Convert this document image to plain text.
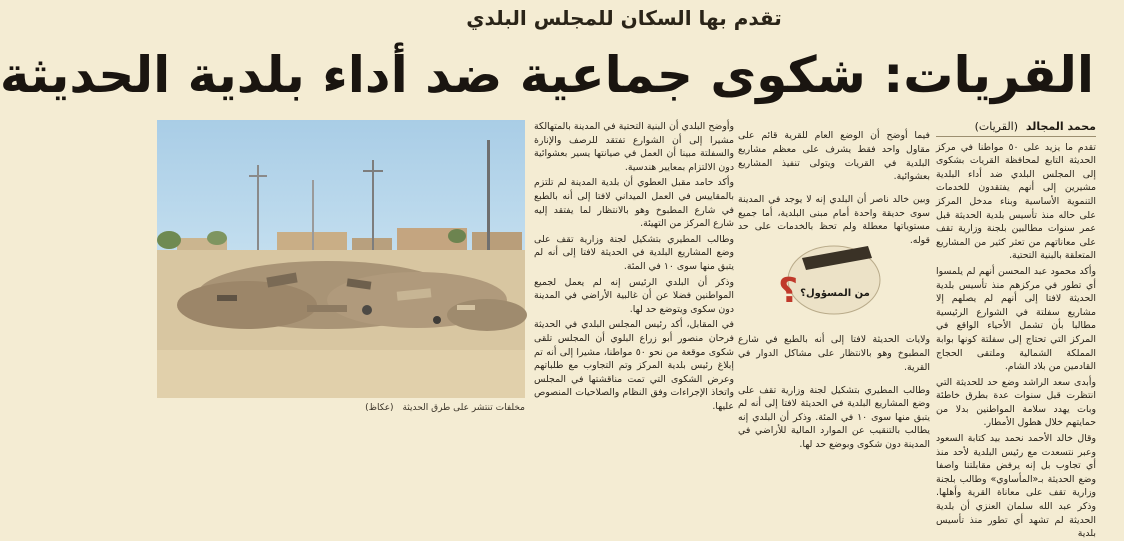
تقدم بها السكان للمجلس البلدي
القريات: شكوى جماعية ضد أداء بلدية الحديثة
مخلفات تنتشر على طرق الحديثة (عكاظ)
محمد المجالد (القريات)

تقدم ما يزيد على ٥٠ مواطنا في مركز الحديثة التابع لمحافظة القريات بشكوى إلى المجلس البلدي ضد أداء البلدية مشيرين إلى أنهم يفتقدون للخدمات التنموية الأساسية وبناء مدخل المركز على حاله منذ تأسيس بلدية الحديثة قبل عمر سنوات مطالبين بلجنة وزارية تقف على معاناتهم من تعثر كثير من المشاريع المتعلقة بالبنية التحتية.

وأكد محمود عبد المحسن أنهم لم يلمسوا أي تطور في مركزهم منذ تأسيس بلدية الحديثة لافتا إلى أنهم لم يصلهم إلا مشاريع سفلتة في الشوارع الرئيسية مطالبا بأن تشمل الأحياء الواقع في المركز التي تحتاج إلى سفلتة كونها بوابة المملكة الشمالية وملتقى الحجاج القادمين من بلاد الشام.

وأبدى سعد الراشد وضع حد للحديثة التي انتظرت قبل سنوات عدة بطرق خاطئة وبات يهدد سلامة المواطنين بدلا من حمايتهم خلال هطول الأمطار.

وقال خالد الأحمد نحمد بيد كتابة السعود وعبر نتسعدت مع رئيس البلدية لأحد منذ أي تجاوب بل إنه يرفض مقابلتنا واصفا وضع الحديثة بـ«المأساوي» وطالب بلجنة وزارية تقف على معاناة القرية وأهلها. وذكر عبد الله سلمان العنزي أن بلدية الحديثة لم تشهد أي تطور منذ تأسيس بلدية

فيما أوضح أن الوضع العام للقرية قائم على مقاول واحد فقط يشرف على معظم مشاريع البلدية في القريات ويتولى تنفيذ المشاريع بعشوائية.

وبين خالد ناصر أن البلدي إنه لا يوجد في المدينة سوى حديقة واحدة أمام مبنى البلدية، أما جميع مستوياتها معطلة ولم تحظ بالخدمات على حد قوله.

؟ من المسؤول؟

ولايات الحديثة لافتا إلى أنه بالطبع في شارع المطبوخ وهو بالانتظار على مشاكل الدوار في القرية.

وطالب المطيري بتشكيل لجنة وزارية تقف على وضع المشاريع البلدية في الحديثة لافتا إلى أنه لم يتبق منها سوى ١٠ في المئة. وذكر أن البلدي إنه يطالب بالتنقيب عن الموارد المالية للأراضي في المدينة دون شكوى وبوضع حد لها.

وأوضح البلدي أن البنية التحتية في المدينة بالمتهالكة مشيرا إلى أن الشوارع تفتقد للرصف والإنارة والسفلتة مبينا أن العمل في صيانتها يسير بعشوائية دون الالتزام بمعايير هندسية.

وأكد حامد مقبل العطوي أن بلدية المدينة لم تلتزم بالمقاييس في العمل الميداني لافتا إلى أنه بالطبع في شارع المطبوخ وهو بالانتظار لما يفتقد إليه شارع المركز من التهيئة.

وطالب المطيري بتشكيل لجنة وزارية تقف على وضع المشاريع البلدية في الحديثة لافتا إلى أنه لم يتبق منها سوى ١٠ في المئة.

وذكر أن البلدي الرئيس إنه لم يعمل لجميع المواطنين فضلا عن أن غالبية الأراضي في المدينة دون سكوى ويتوضع حد لها.

في المقابل، أكد رئيس المجلس البلدي في الحديثة فرحان منصور أبو زراع البلوي أن المجلس تلقى شكوى موقعة من نحو ٥٠ مواطنا، مشيرا إلى أنه تم إبلاغ رئيس بلدية المركز وتم التجاوب مع طلباتهم وعرض الشكوى التي تمت مناقشتها في المجلس واتخاذ الإجراءات وفق النظام والصلاحيات المنصوص عليها.
